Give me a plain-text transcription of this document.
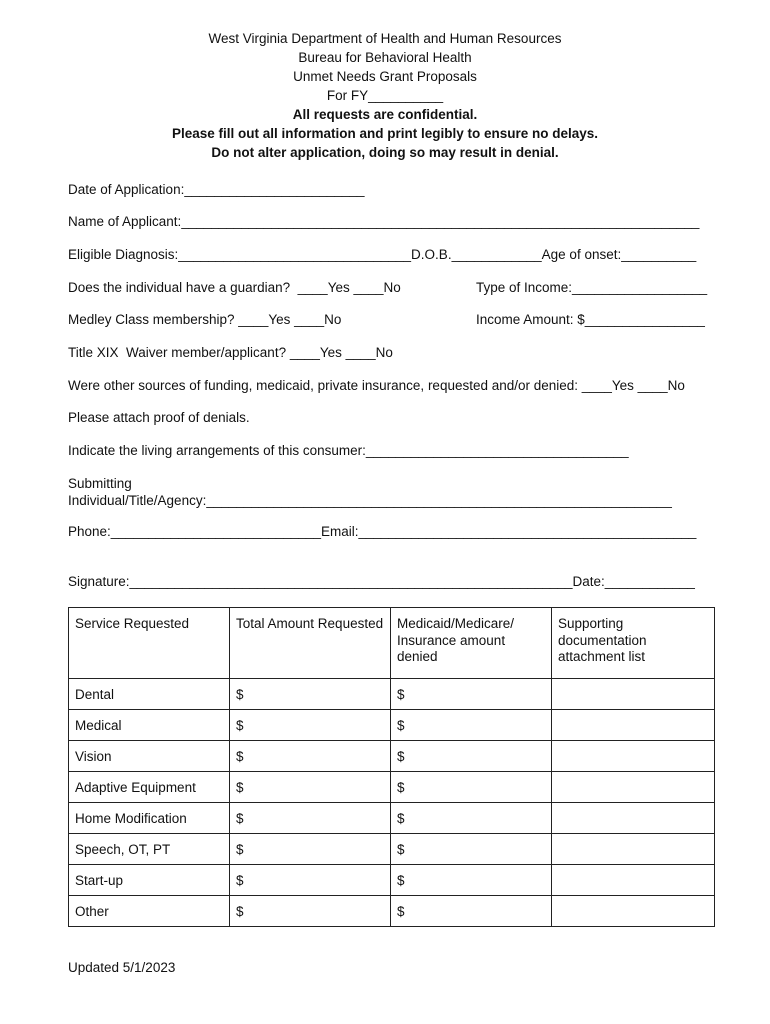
West Virginia Department of Health and Human Resources
Bureau for Behavioral Health
Unmet Needs Grant Proposals
For FY__________
All requests are confidential.
Please fill out all information and print legibly to ensure no delays.
Do not alter application, doing so may result in denial.
Date of Application:________________________
Name of Applicant:_____________________________________________________________________
Eligible Diagnosis:_______________________________D.O.B.____________Age of onset:__________
Does the individual have a guardian?  ____Yes ____No	Type of Income:__________________
Medley Class membership? ____Yes ____No	Income Amount: $________________
Title XIX  Waiver member/applicant? ____Yes ____No
Were other sources of funding, medicaid, private insurance, requested and/or denied: ____Yes ____No
Please attach proof of denials.
Indicate the living arrangements of this consumer:___________________________________
Submitting
Individual/Title/Agency:______________________________________________________________
Phone:____________________________Email:_____________________________________________
Signature:___________________________________________________________Date:____________
Service Requested	Total Amount Requested	Medicaid/Medicare/ Insurance amount denied	Supporting documentation attachment list
Dental	$	$	
Medical	$	$	
Vision	$	$	
Adaptive Equipment	$	$	
Home Modification	$	$	
Speech, OT, PT	$	$	
Start-up	$	$	
Other	$	$	
Updated 5/1/2023
